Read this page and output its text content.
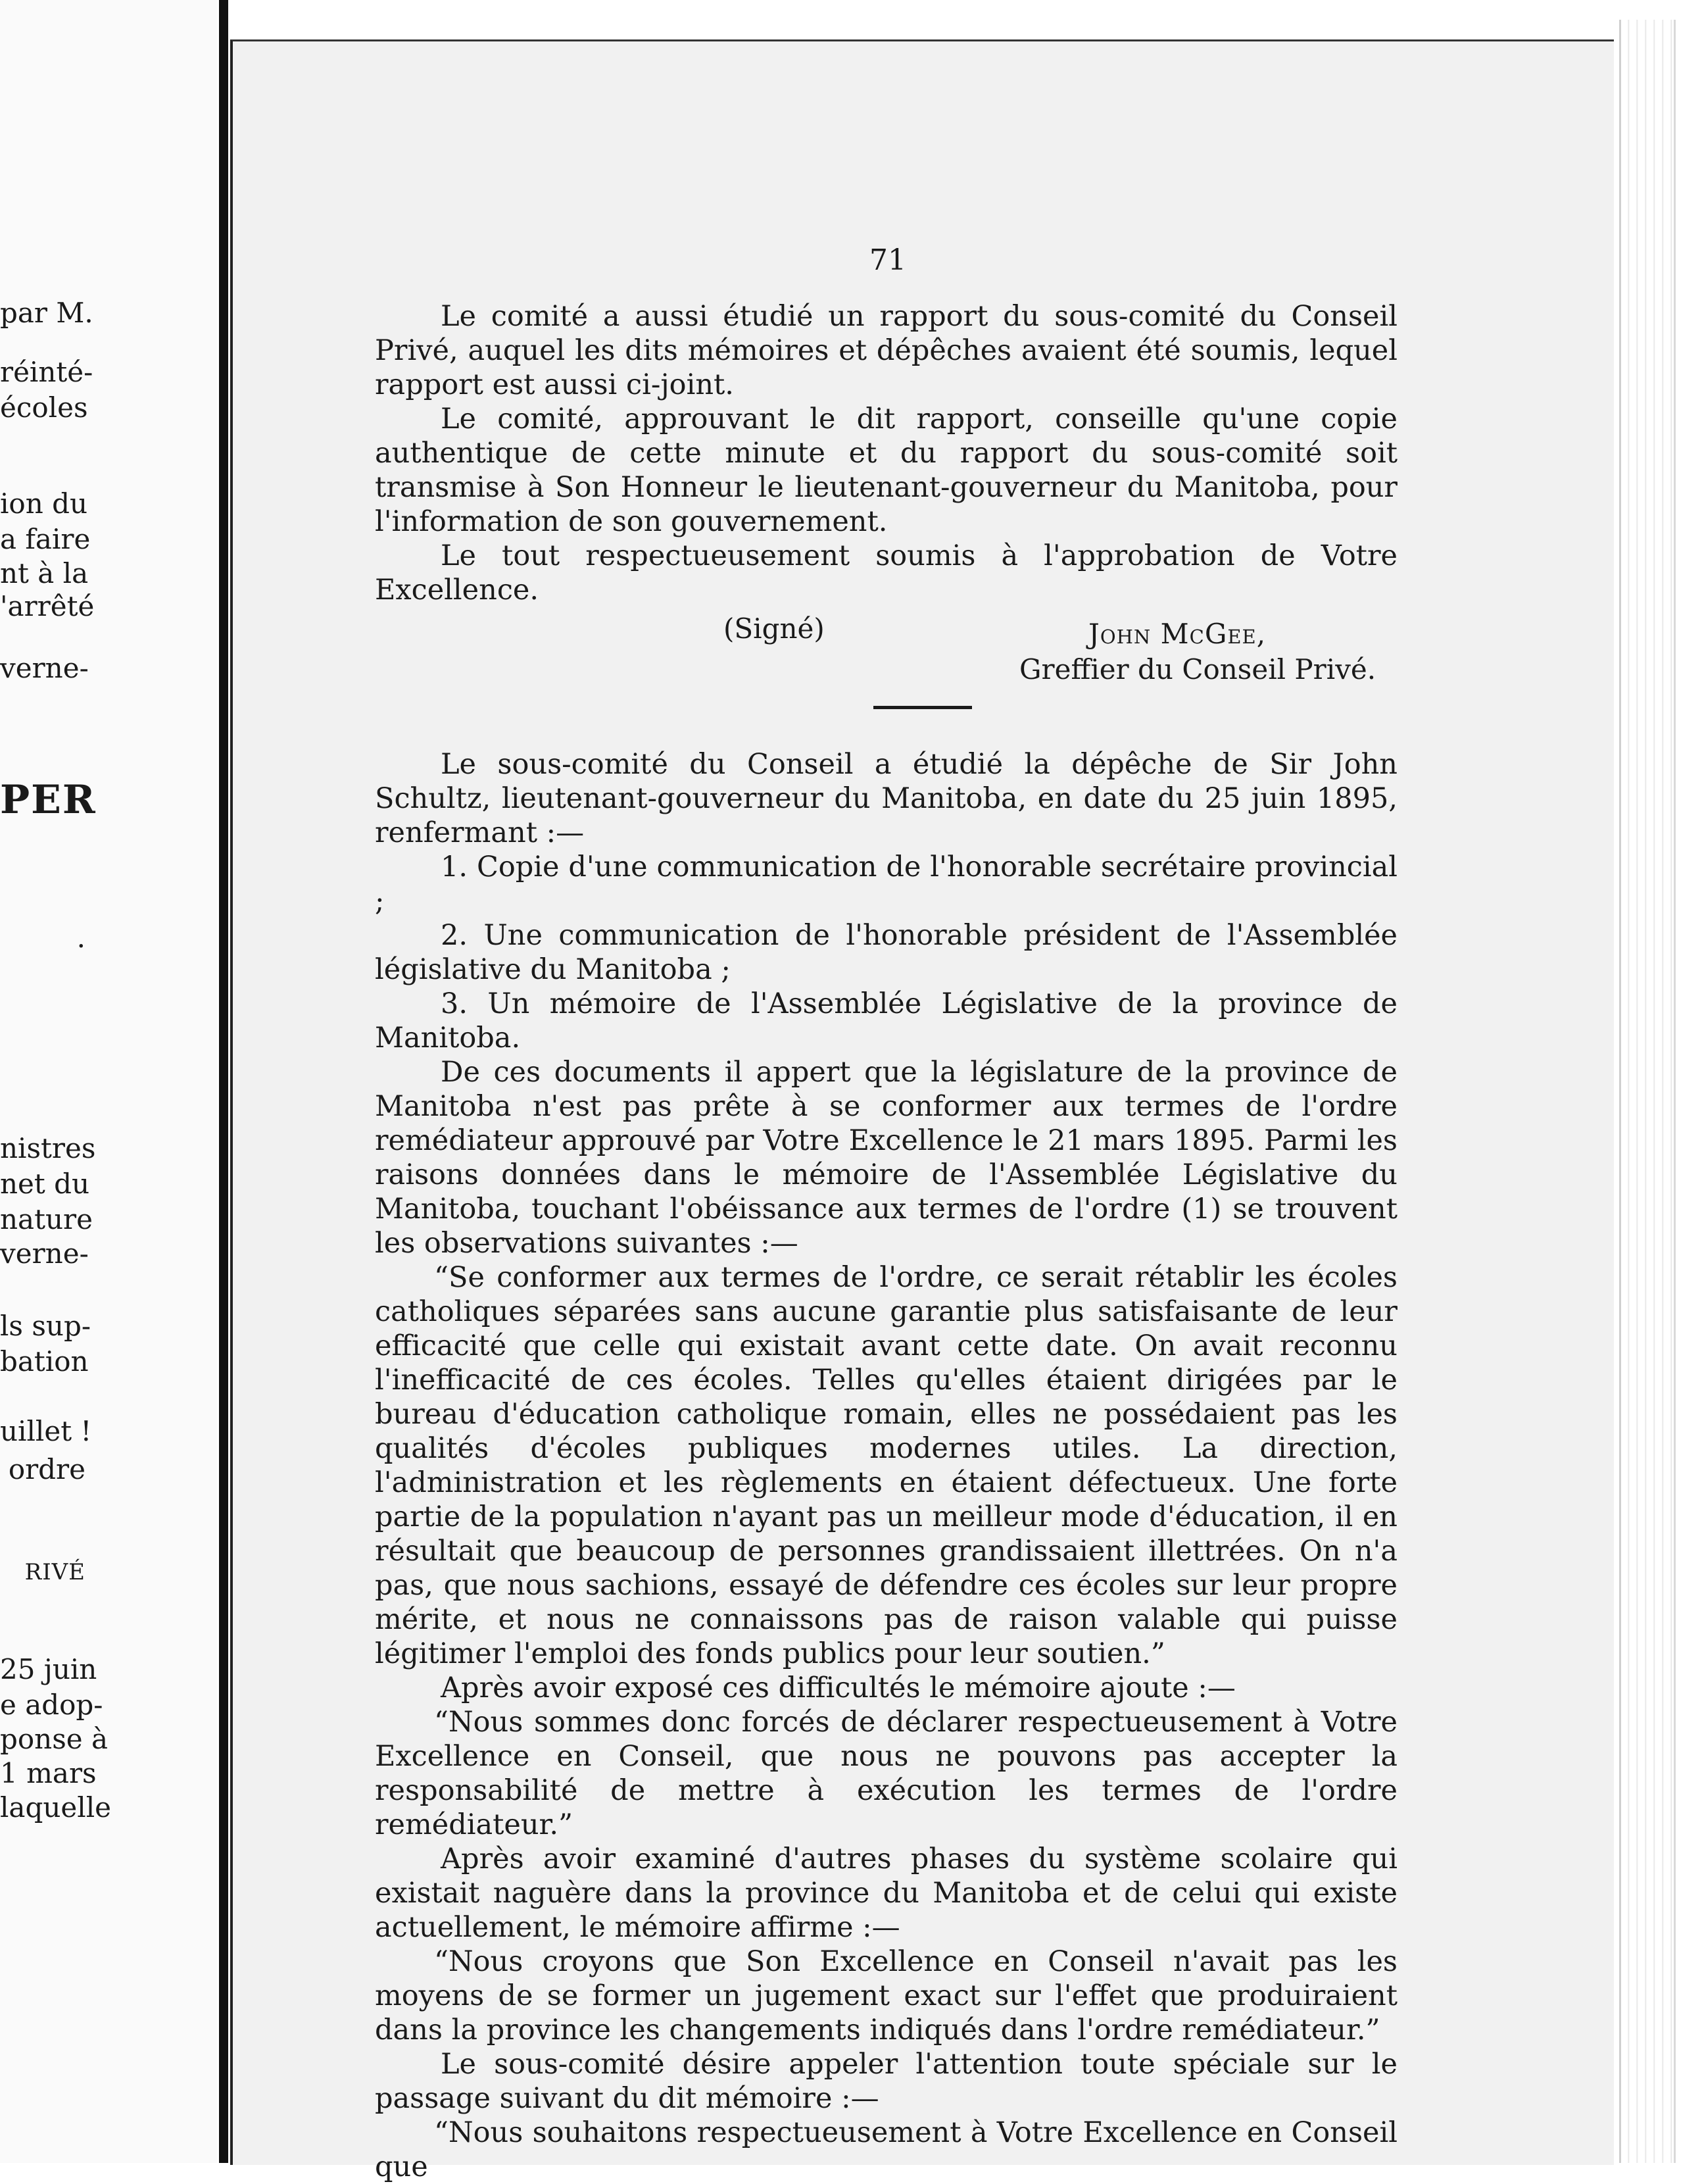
par M.
réinté-
écoles
ion du
a faire
nt à la
'arrêté
verne-
PER
.
nistres
net du
nature
verne-
ls sup-
bation
uillet !
ordre
RIVÉ
25 juin
e adop-
ponse à
1 mars
laquelle
71

Le comité a aussi étudié un rapport du sous-comité du Conseil Privé, auquel les dits mémoires et dépêches avaient été soumis, lequel rapport est aussi ci-joint.

Le comité, approuvant le dit rapport, conseille qu'une copie authentique de cette minute et du rapport du sous-comité soit transmise à Son Honneur le lieutenant-gouverneur du Manitoba, pour l'information de son gouvernement.

Le tout respectueusement soumis à l'approbation de Votre Excellence.

(Signé)	John McGee,
Greffier du Conseil Privé.

Le sous-comité du Conseil a étudié la dépêche de Sir John Schultz, lieutenant-gouverneur du Manitoba, en date du 25 juin 1895, renfermant :—

1. Copie d'une communication de l'honorable secrétaire provincial ;

2. Une communication de l'honorable président de l'Assemblée législative du Manitoba ;

3. Un mémoire de l'Assemblée Législative de la province de Manitoba.

De ces documents il appert que la législature de la province de Manitoba n'est pas prête à se conformer aux termes de l'ordre remédiateur approuvé par Votre Excellence le 21 mars 1895. Parmi les raisons données dans le mémoire de l'Assemblée Législative du Manitoba, touchant l'obéissance aux termes de l'ordre (1) se trouvent les observations suivantes :—

“Se conformer aux termes de l'ordre, ce serait rétablir les écoles catholiques séparées sans aucune garantie plus satisfaisante de leur efficacité que celle qui existait avant cette date. On avait reconnu l'inefficacité de ces écoles. Telles qu'elles étaient dirigées par le bureau d'éducation catholique romain, elles ne possédaient pas les qualités d'écoles publiques modernes utiles. La direction, l'administration et les règlements en étaient défectueux. Une forte partie de la population n'ayant pas un meilleur mode d'éducation, il en résultait que beaucoup de personnes grandissaient illettrées. On n'a pas, que nous sachions, essayé de défendre ces écoles sur leur propre mérite, et nous ne connaissons pas de raison valable qui puisse légitimer l'emploi des fonds publics pour leur soutien.”

Après avoir exposé ces difficultés le mémoire ajoute :—

“Nous sommes donc forcés de déclarer respectueusement à Votre Excellence en Conseil, que nous ne pouvons pas accepter la responsabilité de mettre à exécution les termes de l'ordre remédiateur.”

Après avoir examiné d'autres phases du système scolaire qui existait naguère dans la province du Manitoba et de celui qui existe actuellement, le mémoire affirme :—

“Nous croyons que Son Excellence en Conseil n'avait pas les moyens de se former un jugement exact sur l'effet que produiraient dans la province les changements indiqués dans l'ordre remédiateur.”

Le sous-comité désire appeler l'attention toute spéciale sur le passage suivant du dit mémoire :—

“Nous souhaitons respectueusement à Votre Excellence en Conseil que
